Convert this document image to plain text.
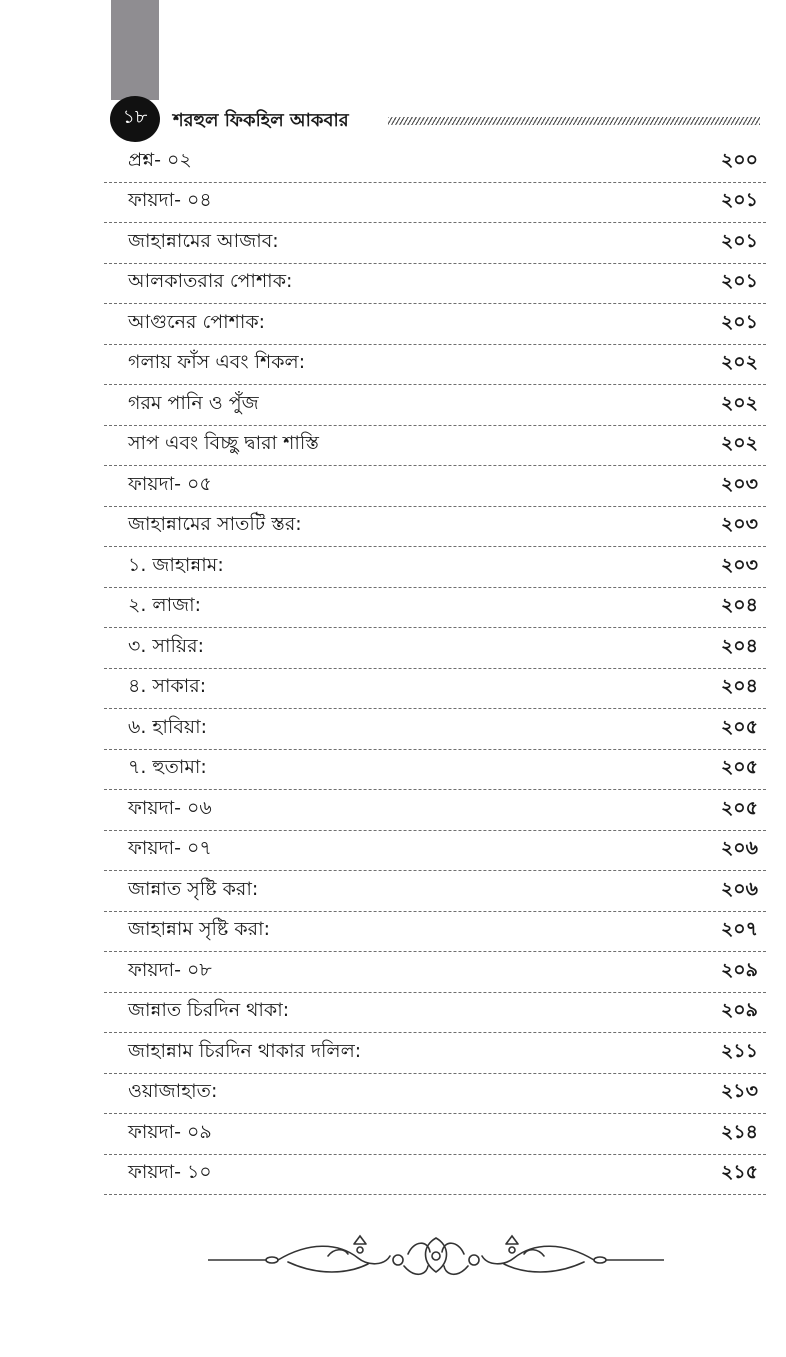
১৮	শরহুল ফিকহিল আকবার
প্রশ্ন- ০২	২০০
ফায়দা- ০৪	২০১
জাহান্নামের আজাব:	২০১
আলকাতরার পোশাক:	২০১
আগুনের পোশাক:	২০১
গলায় ফাঁস এবং শিকল:	২০২
গরম পানি ও পুঁজ	২০২
সাপ এবং বিচ্ছু দ্বারা শাস্তি	২০২
ফায়দা- ০৫	২০৩
জাহান্নামের সাতটি স্তর:	২০৩
১. জাহান্নাম:	২০৩
২. লাজা:	২০৪
৩. সায়ির:	২০৪
৪. সাকার:	২০৪
৬. হাবিয়া:	২০৫
৭. হুতামা:	২০৫
ফায়দা- ০৬	২০৫
ফায়দা- ০৭	২০৬
জান্নাত সৃষ্টি করা:	২০৬
জাহান্নাম সৃষ্টি করা:	২০৭
ফায়দা- ০৮	২০৯
জান্নাত চিরদিন থাকা:	২০৯
জাহান্নাম চিরদিন থাকার দলিল:	২১১
ওয়াজাহাত:	২১৩
ফায়দা- ০৯	২১৪
ফায়দা- ১০	২১৫
